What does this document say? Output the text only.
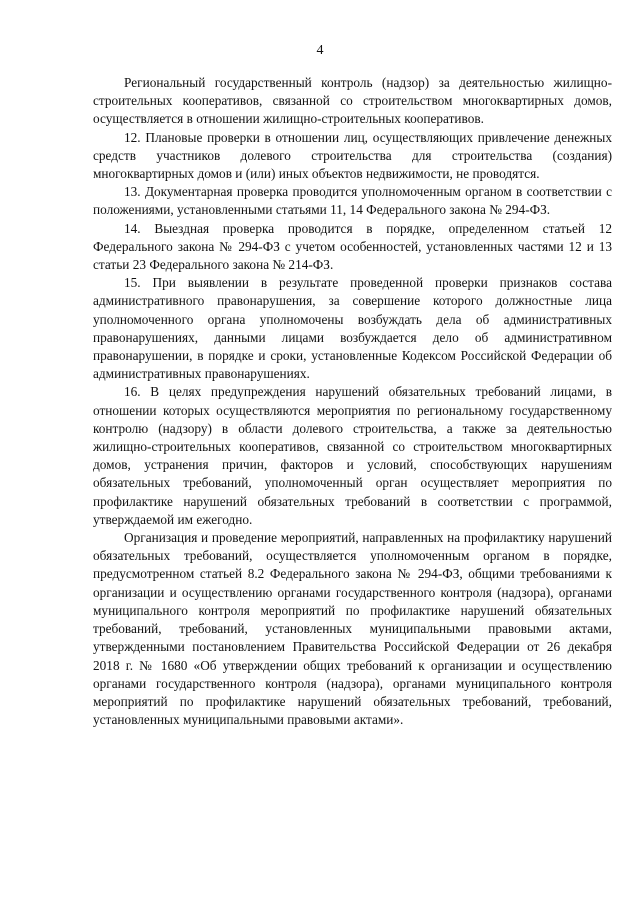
4

Региональный государственный контроль (надзор) за деятельностью жилищно-строительных кооперативов, связанной со строительством многоквартирных домов, осуществляется в отношении жилищно-строительных кооперативов.

12. Плановые проверки в отношении лиц, осуществляющих привлечение денежных средств участников долевого строительства для строительства (создания) многоквартирных домов и (или) иных объектов недвижимости, не проводятся.

13. Документарная проверка проводится уполномоченным органом в соответствии с положениями, установленными статьями 11, 14 Федерального закона № 294-ФЗ.

14. Выездная проверка проводится в порядке, определенном статьей 12 Федерального закона № 294-ФЗ с учетом особенностей, установленных частями 12 и 13 статьи 23 Федерального закона № 214-ФЗ.

15. При выявлении в результате проведенной проверки признаков состава административного правонарушения, за совершение которого должностные лица уполномоченного органа уполномочены возбуждать дела об административных правонарушениях, данными лицами возбуждается дело об административном правонарушении, в порядке и сроки, установленные Кодексом Российской Федерации об административных правонарушениях.

16. В целях предупреждения нарушений обязательных требований лицами, в отношении которых осуществляются мероприятия по региональному государственному контролю (надзору) в области долевого строительства, а также за деятельностью жилищно-строительных кооперативов, связанной со строительством многоквартирных домов, устранения причин, факторов и условий, способствующих нарушениям обязательных требований, уполномоченный орган осуществляет мероприятия по профилактике нарушений обязательных требований в соответствии с программой, утверждаемой им ежегодно.

Организация и проведение мероприятий, направленных на профилактику нарушений обязательных требований, осуществляется уполномоченным органом в порядке, предусмотренном статьей 8.2 Федерального закона № 294-ФЗ, общими требованиями к организации и осуществлению органами государственного контроля (надзора), органами муниципального контроля мероприятий по профилактике нарушений обязательных требований, требований, установленных муниципальными правовыми актами, утвержденными постановлением Правительства Российской Федерации от 26 декабря 2018 г. № 1680 «Об утверждении общих требований к организации и осуществлению органами государственного контроля (надзора), органами муниципального контроля мероприятий по профилактике нарушений обязательных требований, требований, установленных муниципальными правовыми актами».
